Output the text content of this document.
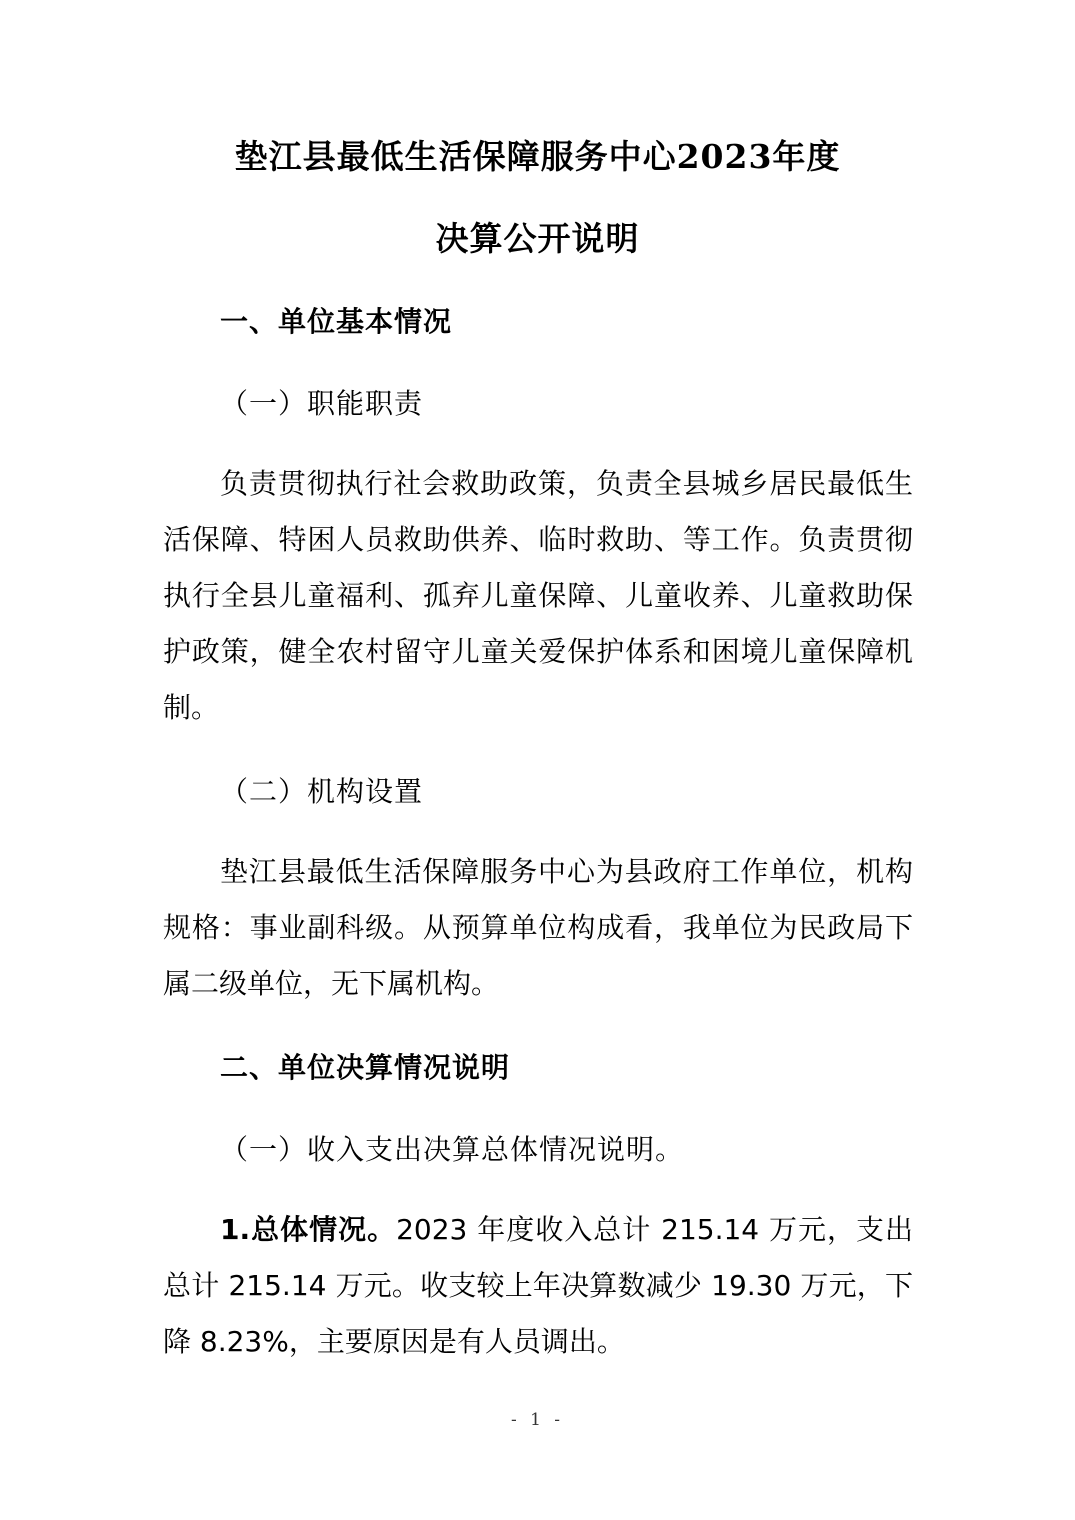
垫江县最低生活保障服务中心2023年度
决算公开说明
一、单位基本情况
（一）职能职责

负责贯彻执行社会救助政策，负责全县城乡居民最低生活保障、特困人员救助供养、临时救助、等工作。负责贯彻执行全县儿童福利、孤弃儿童保障、儿童收养、儿童救助保护政策，健全农村留守儿童关爱保护体系和困境儿童保障机制。

（二）机构设置

垫江县最低生活保障服务中心为县政府工作单位，机构规格：事业副科级。从预算单位构成看，我单位为民政局下属二级单位，无下属机构。

二、单位决算情况说明
（一）收入支出决算总体情况说明。

1.总体情况。2023 年度收入总计 215.14 万元，支出总计 215.14 万元。收支较上年决算数减少 19.30 万元，下降 8.23%，主要原因是有人员调出。

- 1 -
